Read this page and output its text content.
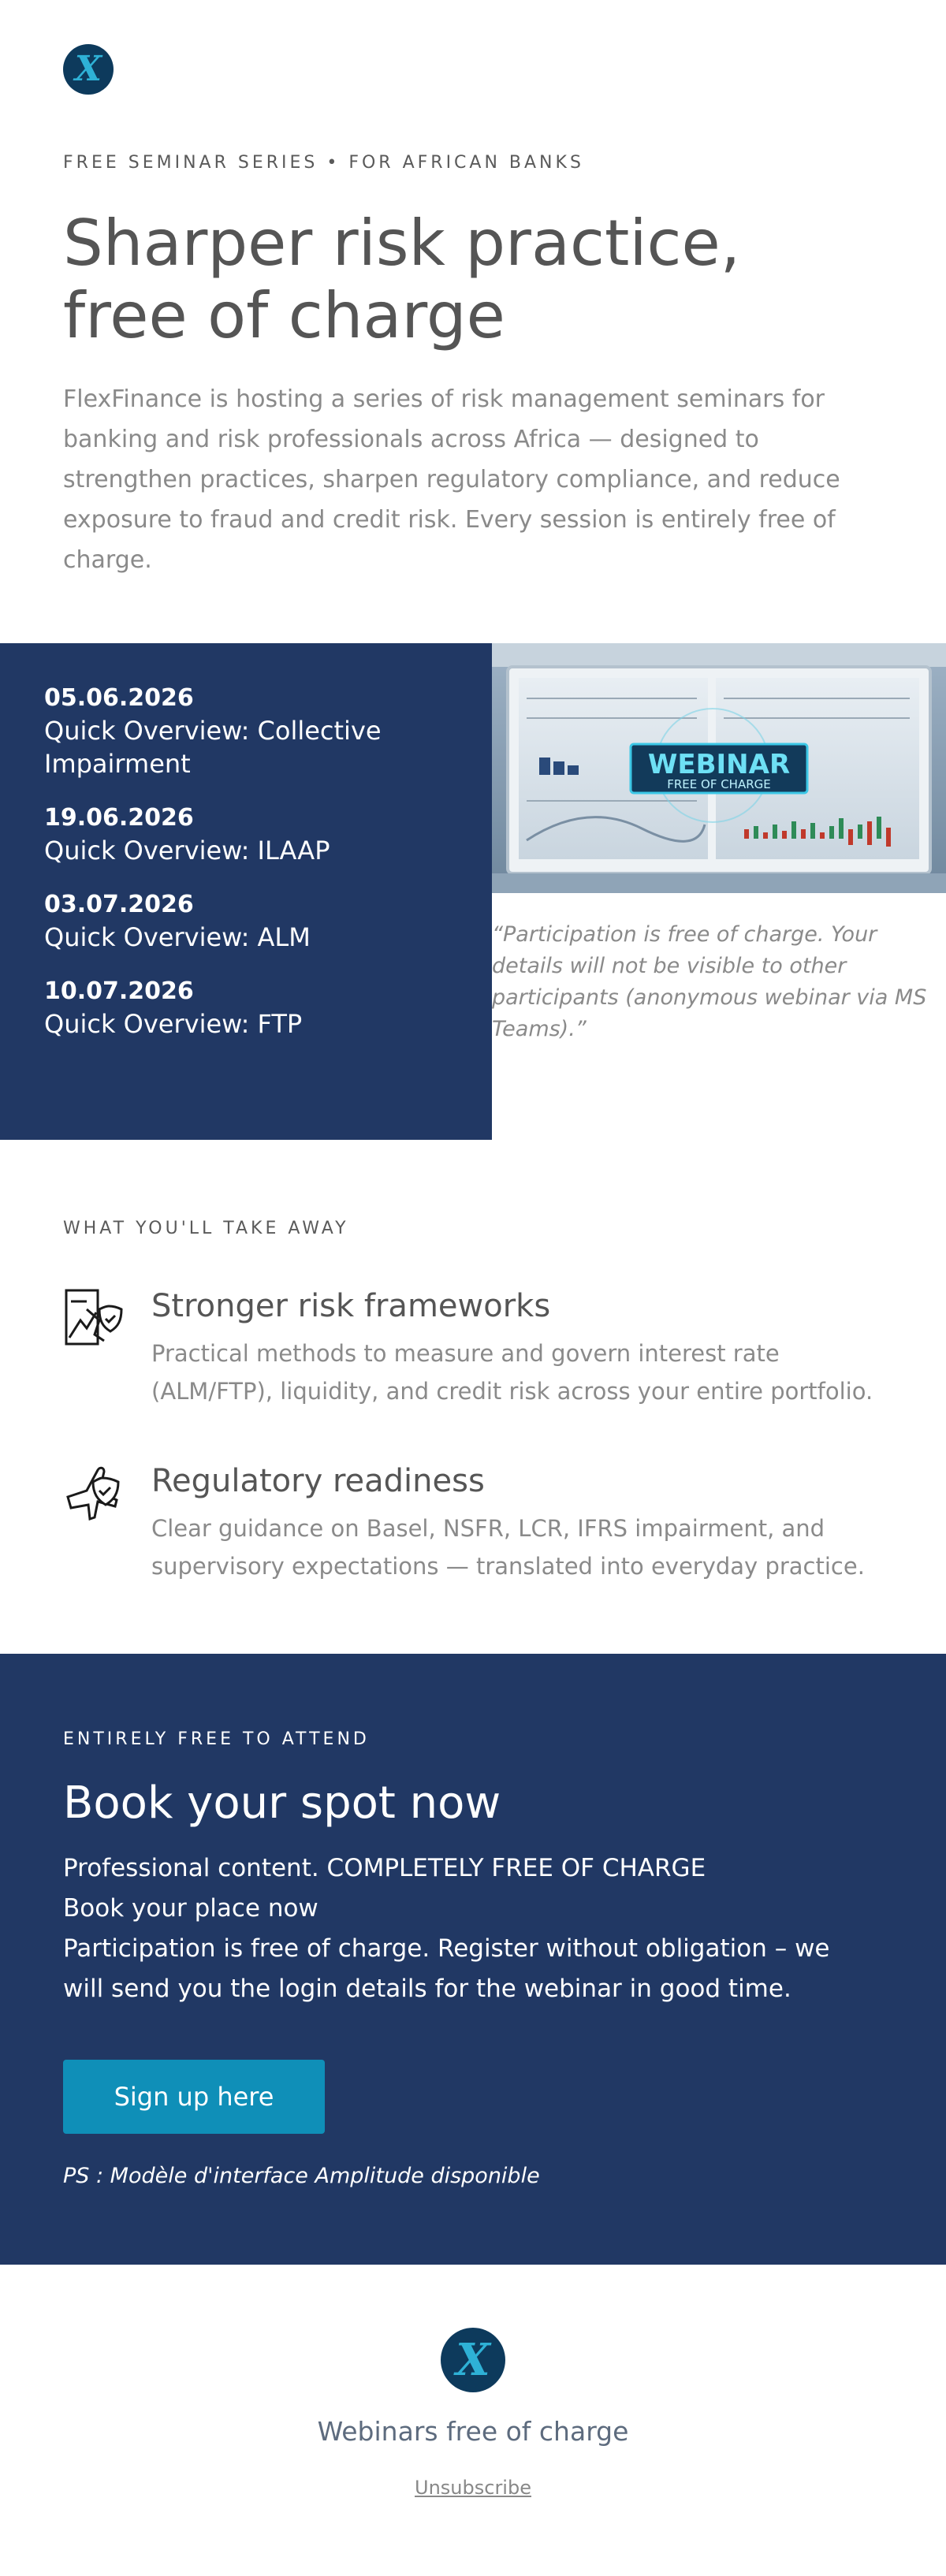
X
FREE SEMINAR SERIES • FOR AFRICAN BANKS
Sharper risk practice, free of charge

FlexFinance is hosting a series of risk management seminars for banking and risk professionals across Africa — designed to strengthen practices, sharpen regulatory compliance, and reduce exposure to fraud and credit risk. Every session is entirely free of charge.

05.06.2026
Quick Overview: Collective Impairment
19.06.2026
Quick Overview: ILAAP
03.07.2026
Quick Overview: ALM
10.07.2026
Quick Overview: FTP
WEBINAR
FREE OF CHARGE

“Participation is free of charge. Your details will not be visible to other participants (anonymous webinar via MS Teams).”

WHAT YOU'LL TAKE AWAY
Stronger risk frameworks
Practical methods to measure and govern interest rate (ALM/FTP), liquidity, and credit risk across your entire portfolio.
Regulatory readiness
Clear guidance on Basel, NSFR, LCR, IFRS impairment, and supervisory expectations — translated into everyday practice.
ENTIRELY FREE TO ATTEND
Book your spot now
Professional content. COMPLETELY FREE OF CHARGE
Book your place now
Participation is free of charge. Register without obligation – we will send you the login details for the webinar in good time.
Sign up here

PS : Modèle d'interface Amplitude disponible

X
Webinars free of charge
Unsubscribe
